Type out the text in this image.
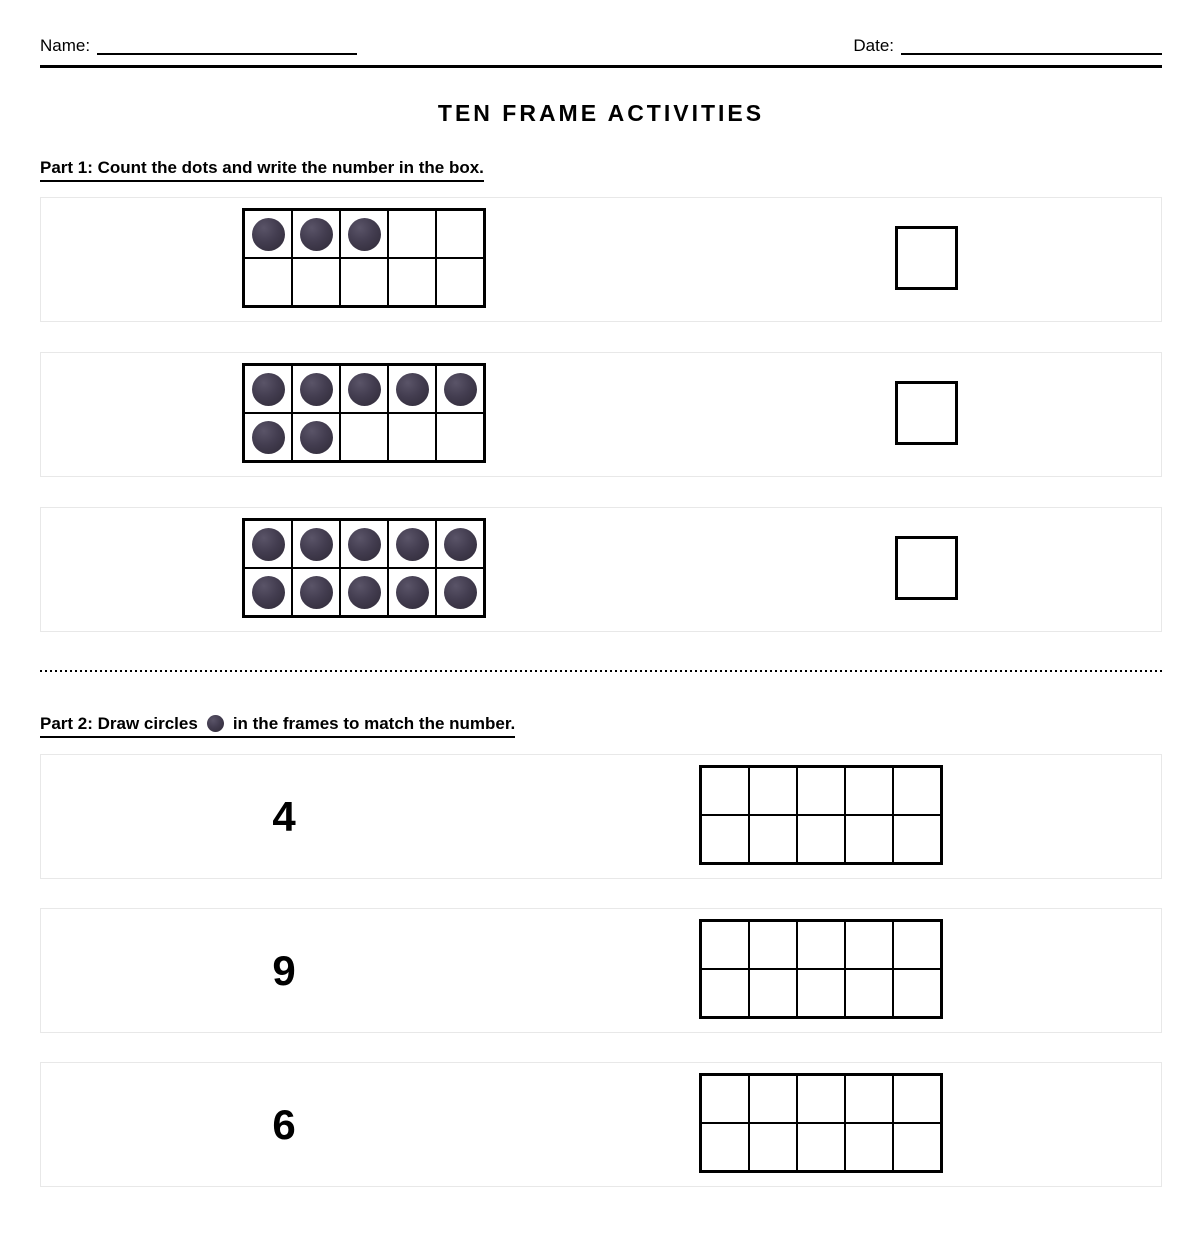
Name:	Date:
TEN FRAME ACTIVITIES
Part 1: Count the dots and write the number in the box.

Part 2: Draw circles in the frames to match the number.
4

9

6
